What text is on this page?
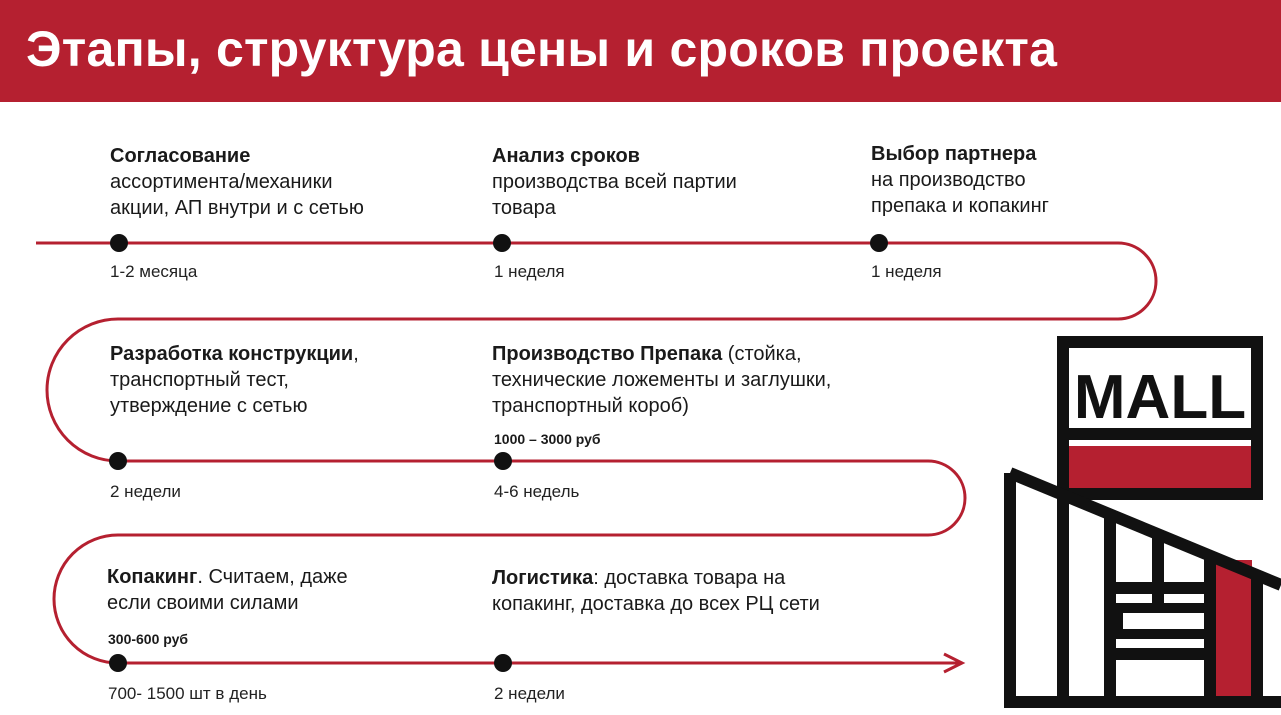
Этапы, структура цены и сроков проекта
MALL
Согласование
ассортимента/механики
акции, АП внутри и с сетью
1-2 месяца
Анализ сроков
производства всей партии
товара
1 неделя
Выбор партнера
на производство
препака и копакинг
1 неделя
Разработка конструкции,
транспортный тест,
утверждение с сетью
2 недели
Производство Препака (стойка,
технические ложементы и заглушки,
транспортный короб)
1000 – 3000 руб
4-6 недель
Копакинг. Считаем, даже
если своими силами
300-600 руб
700- 1500 шт в день
Логистика: доставка товара на
копакинг, доставка до всех РЦ сети
2 недели
